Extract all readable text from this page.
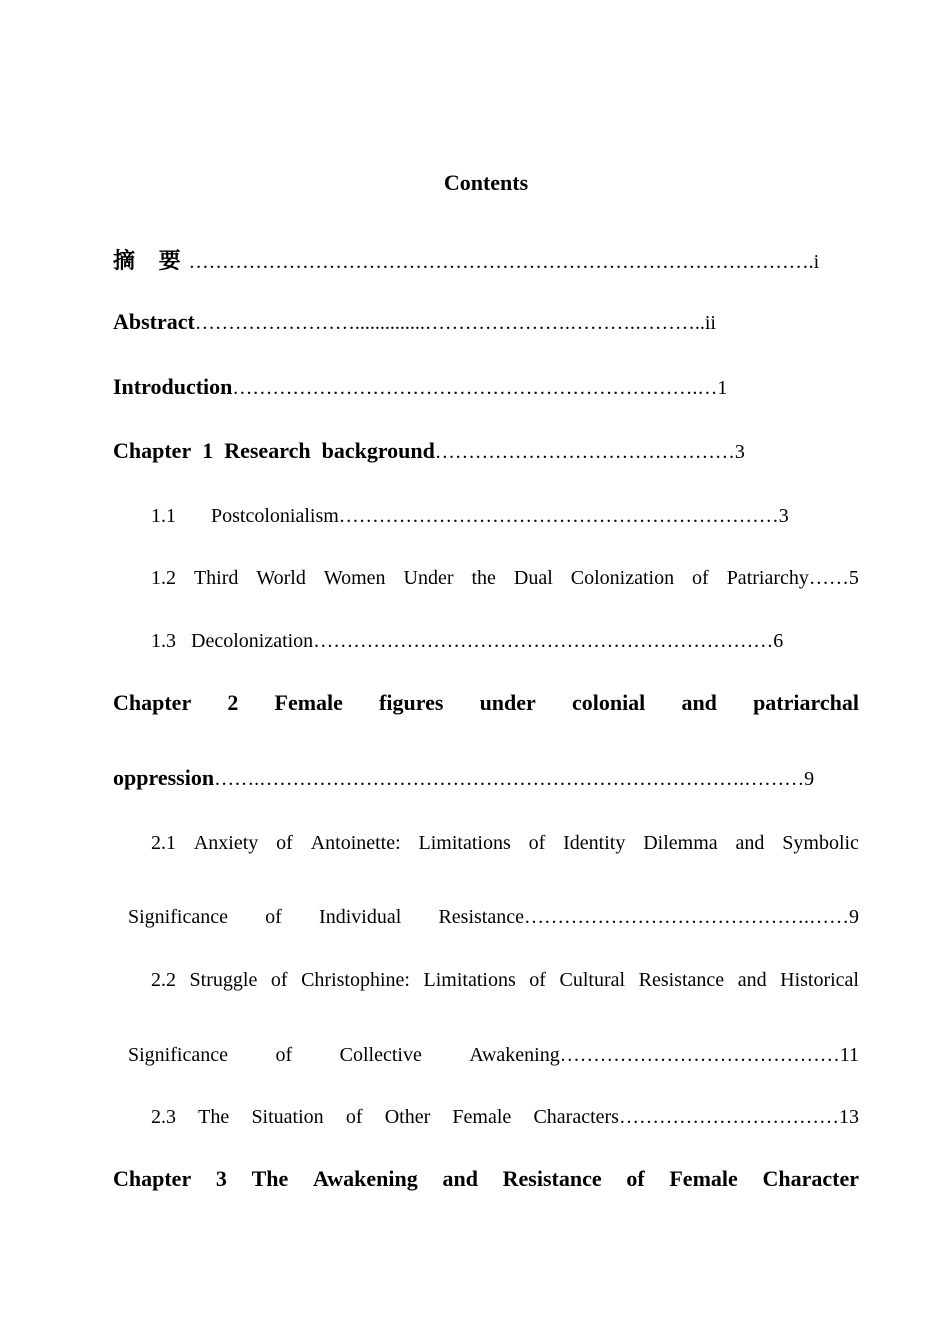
Contents
摘 要………………………………………………………………………………….i
Abstract……………………..............………………….……….………..ii
Introduction…………………………………………………………….…1
Chapter 1 Research background………………………………………3
1.1 Postcolonialism…………………………………………………………3
1.2 Third World Women Under the Dual Colonization of Patriarchy……5
1.3 Decolonization……………………………………………………………6
Chapter 2 Female figures under colonial and patriarchal
oppression…….……………………………………………………………….………9
2.1 Anxiety of Antoinette: Limitations of Identity Dilemma and Symbolic
Significance of Individual Resistance…………………………………….……9
2.2 Struggle of Christophine: Limitations of Cultural Resistance and Historical
Significance of Collective Awakening……………………………………11
2.3 The Situation of Other Female Characters……………………………13
Chapter 3 The Awakening and Resistance of Female Character
